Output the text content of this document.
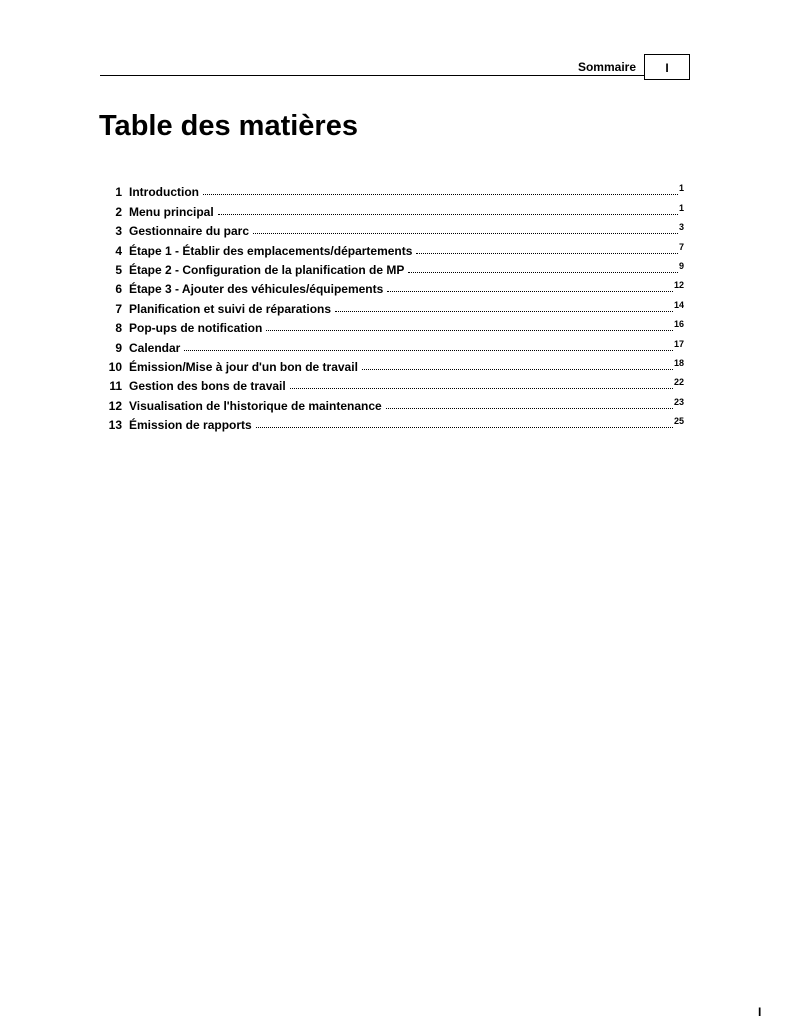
Sommaire	I
Table des matières
1 Introduction	1
2 Menu principal	1
3 Gestionnaire du parc	3
4 Étape 1 - Établir des emplacements/départements	7
5 Étape 2 - Configuration de la planification de MP	9
6 Étape 3 - Ajouter des véhicules/équipements	12
7 Planification et suivi de réparations	14
8 Pop-ups de notification	16
9 Calendar	17
10 Émission/Mise à jour d'un bon de travail	18
11 Gestion des bons de travail	22
12 Visualisation de l'historique de maintenance	23
13 Émission de rapports	25
I
